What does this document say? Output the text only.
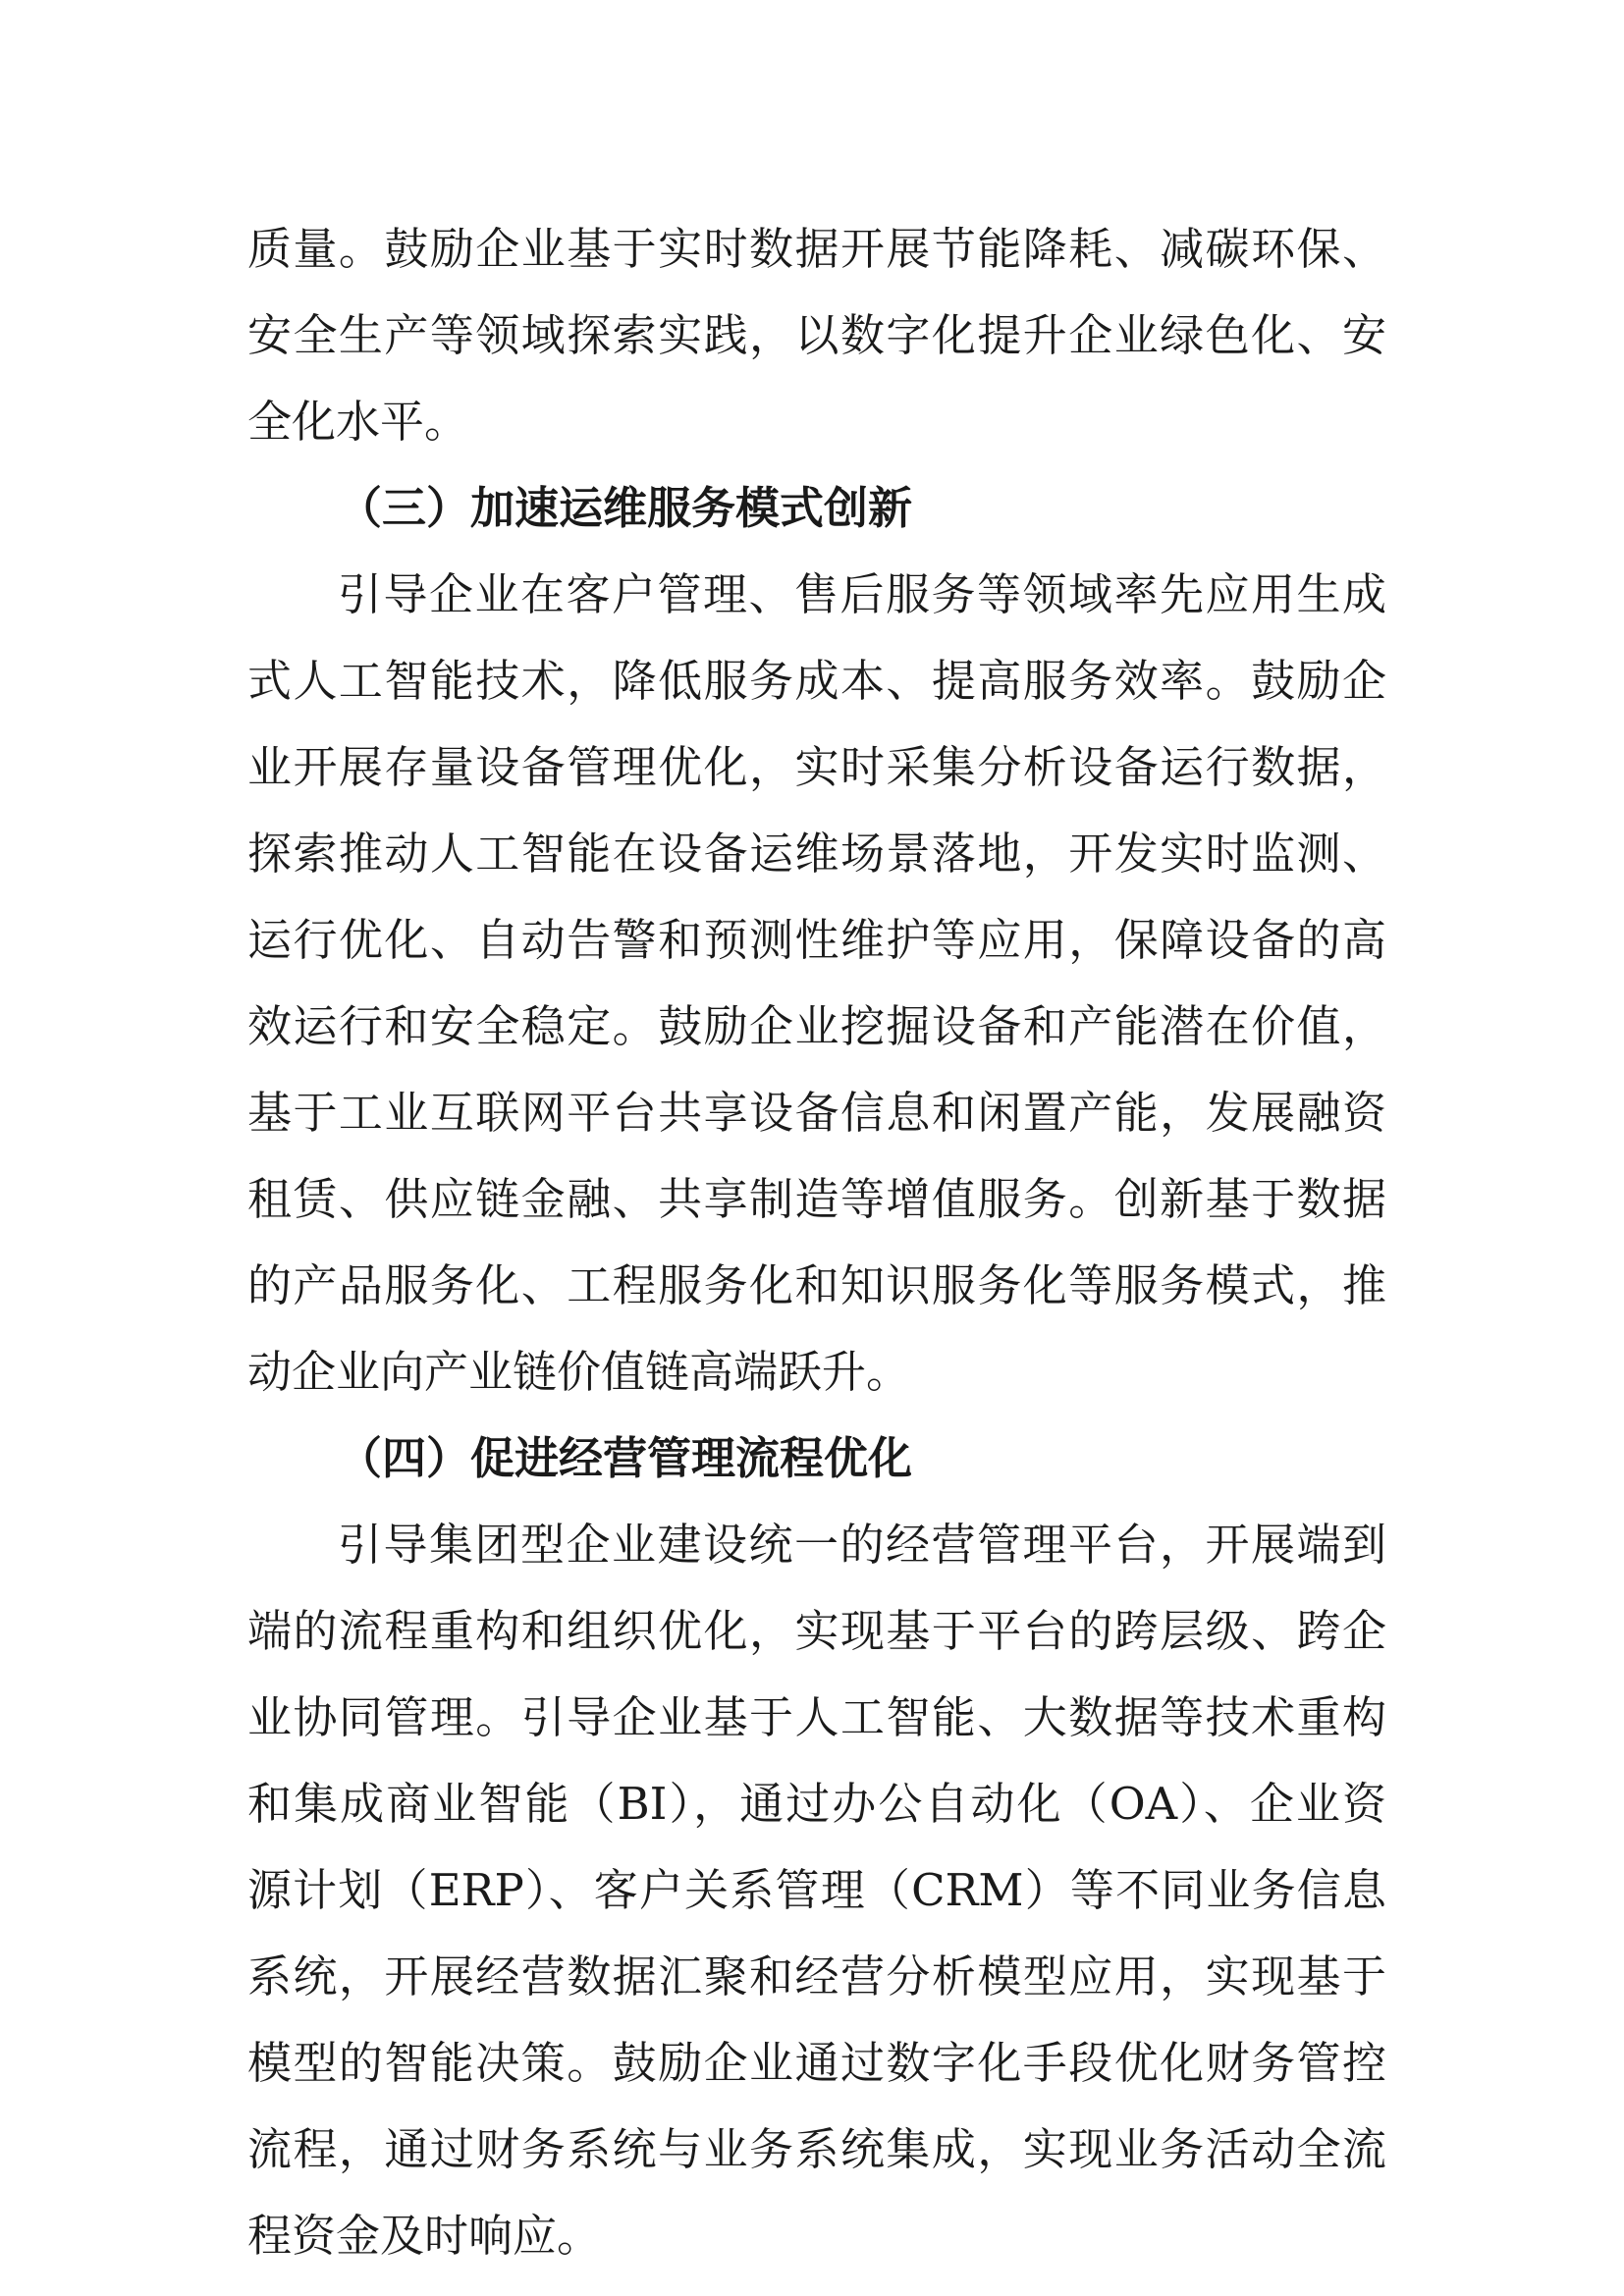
质量。鼓励企业基于实时数据开展节能降耗、减碳环保、
安全生产等领域探索实践，以数字化提升企业绿色化、安
全化水平。
（三）加速运维服务模式创新
引导企业在客户管理、售后服务等领域率先应用生成
式人工智能技术，降低服务成本、提高服务效率。鼓励企
业开展存量设备管理优化，实时采集分析设备运行数据，
探索推动人工智能在设备运维场景落地，开发实时监测、
运行优化、自动告警和预测性维护等应用，保障设备的高
效运行和安全稳定。鼓励企业挖掘设备和产能潜在价值，
基于工业互联网平台共享设备信息和闲置产能，发展融资
租赁、供应链金融、共享制造等增值服务。创新基于数据
的产品服务化、工程服务化和知识服务化等服务模式，推
动企业向产业链价值链高端跃升。
（四）促进经营管理流程优化
引导集团型企业建设统一的经营管理平台，开展端到
端的流程重构和组织优化，实现基于平台的跨层级、跨企
业协同管理。引导企业基于人工智能、大数据等技术重构
和集成商业智能（BI），通过办公自动化（OA）、企业资
源计划（ERP）、客户关系管理（CRM）等不同业务信息
系统，开展经营数据汇聚和经营分析模型应用，实现基于
模型的智能决策。鼓励企业通过数字化手段优化财务管控
流程，通过财务系统与业务系统集成，实现业务活动全流
程资金及时响应。
